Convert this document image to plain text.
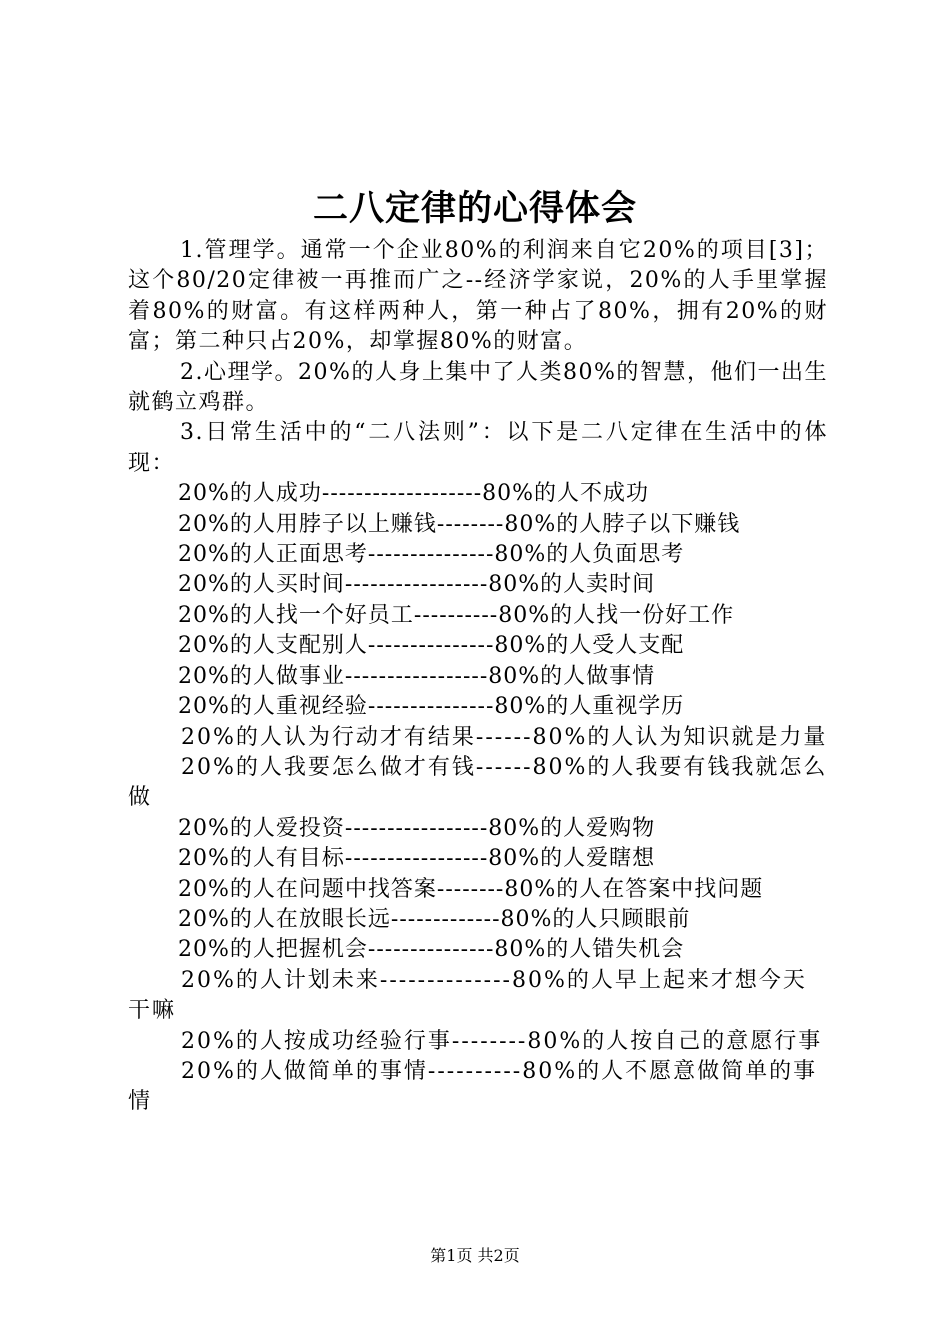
二八定律的心得体会

1.管理学。通常一个企业80%的利润来自它20%的项目[3]；这个80/20定律被一再推而广之--经济学家说，20%的人手里掌握着80%的财富。有这样两种人，第一种占了80%，拥有20%的财富；第二种只占20%，却掌握80%的财富。

2.心理学。20%的人身上集中了人类80%的智慧，他们一出生就鹤立鸡群。

3.日常生活中的“二八法则”：以下是二八定律在生活中的体现：

20%的人成功-------------------80%的人不成功

20%的人用脖子以上赚钱--------80%的人脖子以下赚钱

20%的人正面思考---------------80%的人负面思考

20%的人买时间-----------------80%的人卖时间

20%的人找一个好员工----------80%的人找一份好工作

20%的人支配别人---------------80%的人受人支配

20%的人做事业-----------------80%的人做事情

20%的人重视经验---------------80%的人重视学历

20%的人认为行动才有结果------80%的人认为知识就是力量

20%的人我要怎么做才有钱------80%的人我要有钱我就怎么做

20%的人爱投资-----------------80%的人爱购物

20%的人有目标-----------------80%的人爱瞎想

20%的人在问题中找答案--------80%的人在答案中找问题

20%的人在放眼长远-------------80%的人只顾眼前

20%的人把握机会---------------80%的人错失机会

20%的人计划未来--------------80%的人早上起来才想今天干嘛

20%的人按成功经验行事--------80%的人按自己的意愿行事

20%的人做简单的事情----------80%的人不愿意做简单的事情

第1页 共2页
